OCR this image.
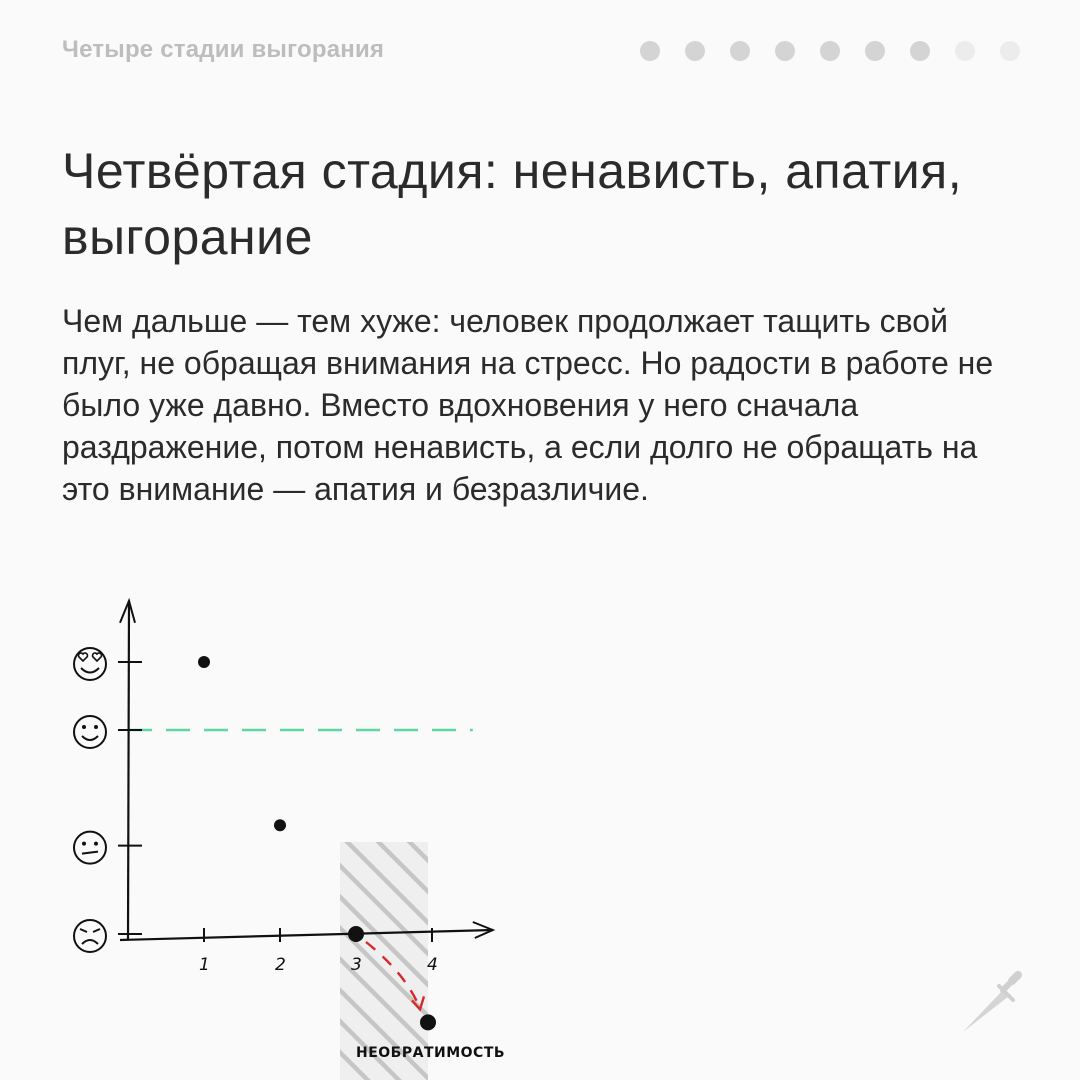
Четыре стадии выгорания
Четвёртая стадия: ненависть, апатия, выгорание

Чем дальше — тем хуже: человек продолжает тащить свой плуг, не обращая внимания на стресс. Но радости в работе не было уже давно. Вместо вдохновения у него сначала раздражение, потом ненависть, а если долго не обращать на это внимание — апатия и безразличие.

1	2	3	4
НЕОБРАТИМОСТЬ
